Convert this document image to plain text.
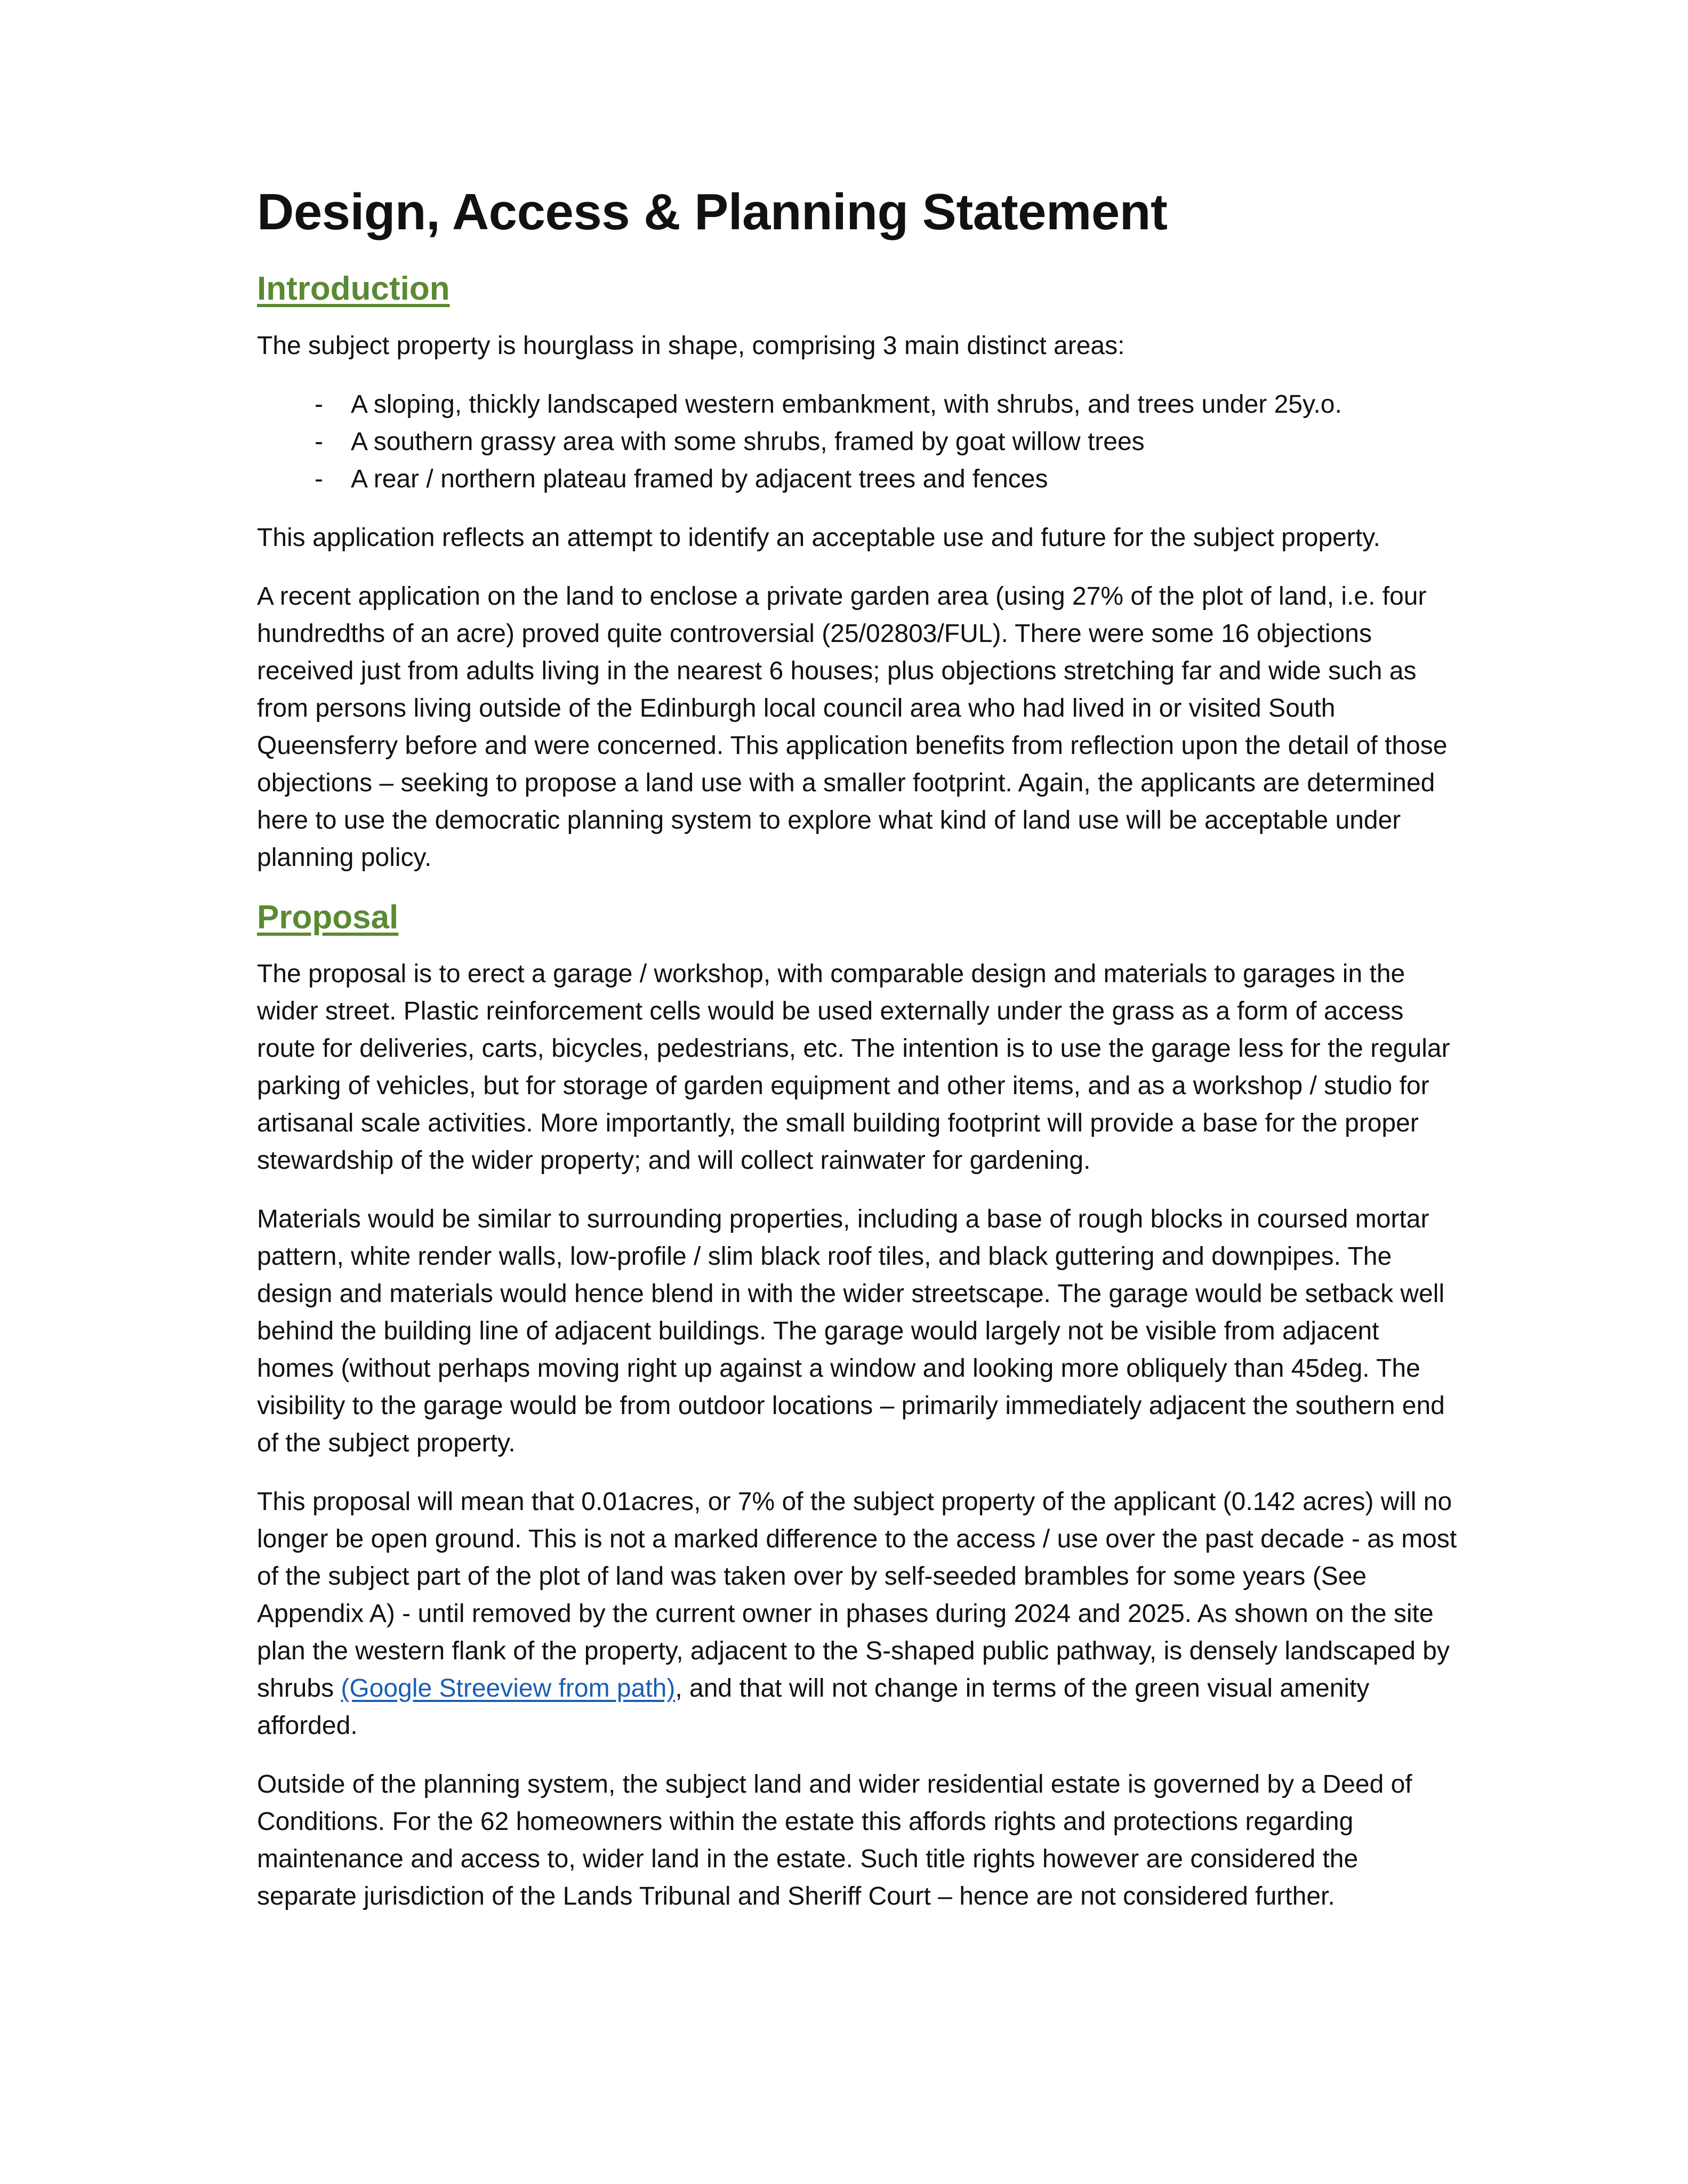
Design, Access & Planning Statement
Introduction

The subject property is hourglass in shape, comprising 3 main distinct areas:

- A sloping, thickly landscaped western embankment, with shrubs, and trees under 25y.o.
- A southern grassy area with some shrubs, framed by goat willow trees
- A rear / northern plateau framed by adjacent trees and fences

This application reflects an attempt to identify an acceptable use and future for the subject property.

A recent application on the land to enclose a private garden area (using 27% of the plot of land, i.e. four hundredths of an acre) proved quite controversial (25/02803/FUL). There were some 16 objections received just from adults living in the nearest 6 houses; plus objections stretching far and wide such as from persons living outside of the Edinburgh local council area who had lived in or visited South Queensferry before and were concerned. This application benefits from reflection upon the detail of those objections – seeking to propose a land use with a smaller footprint. Again, the applicants are determined here to use the democratic planning system to explore what kind of land use will be acceptable under planning policy.

Proposal

The proposal is to erect a garage / workshop, with comparable design and materials to garages in the wider street. Plastic reinforcement cells would be used externally under the grass as a form of access route for deliveries, carts, bicycles, pedestrians, etc. The intention is to use the garage less for the regular parking of vehicles, but for storage of garden equipment and other items, and as a workshop / studio for artisanal scale activities. More importantly, the small building footprint will provide a base for the proper stewardship of the wider property; and will collect rainwater for gardening.

Materials would be similar to surrounding properties, including a base of rough blocks in coursed mortar pattern, white render walls, low-profile / slim black roof tiles, and black guttering and downpipes. The design and materials would hence blend in with the wider streetscape. The garage would be setback well behind the building line of adjacent buildings. The garage would largely not be visible from adjacent homes (without perhaps moving right up against a window and looking more obliquely than 45deg. The visibility to the garage would be from outdoor locations – primarily immediately adjacent the southern end of the subject property.

This proposal will mean that 0.01acres, or 7% of the subject property of the applicant (0.142 acres) will no longer be open ground. This is not a marked difference to the access / use over the past decade - as most of the subject part of the plot of land was taken over by self-seeded brambles for some years (See Appendix A) - until removed by the current owner in phases during 2024 and 2025. As shown on the site plan the western flank of the property, adjacent to the S-shaped public pathway, is densely landscaped by shrubs (Google Streeview from path), and that will not change in terms of the green visual amenity afforded.

Outside of the planning system, the subject land and wider residential estate is governed by a Deed of Conditions. For the 62 homeowners within the estate this affords rights and protections regarding maintenance and access to, wider land in the estate. Such title rights however are considered the separate jurisdiction of the Lands Tribunal and Sheriff Court – hence are not considered further.
